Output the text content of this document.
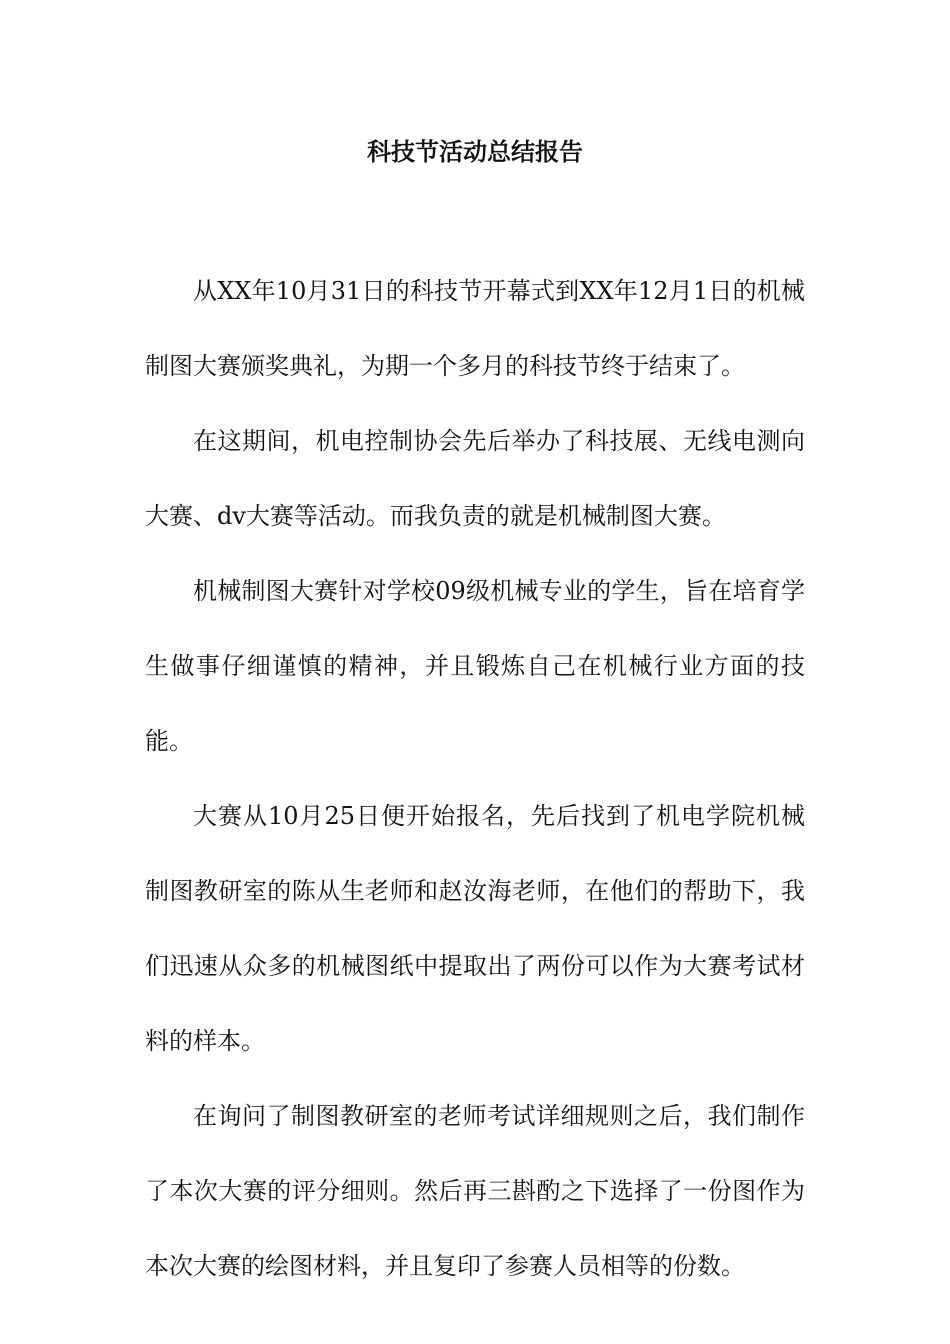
科技节活动总结报告

从XX年10月31日的科技节开幕式到XX年12月1日的机械制图大赛颁奖典礼，为期一个多月的科技节终于结束了。

在这期间，机电控制协会先后举办了科技展、无线电测向大赛、dv大赛等活动。而我负责的就是机械制图大赛。

机械制图大赛针对学校09级机械专业的学生，旨在培育学生做事仔细谨慎的精神，并且锻炼自己在机械行业方面的技能。

大赛从10月25日便开始报名，先后找到了机电学院机械制图教研室的陈从生老师和赵汝海老师，在他们的帮助下，我们迅速从众多的机械图纸中提取出了两份可以作为大赛考试材料的样本。

在询问了制图教研室的老师考试详细规则之后，我们制作了本次大赛的评分细则。然后再三斟酌之下选择了一份图作为本次大赛的绘图材料，并且复印了参赛人员相等的份数。
